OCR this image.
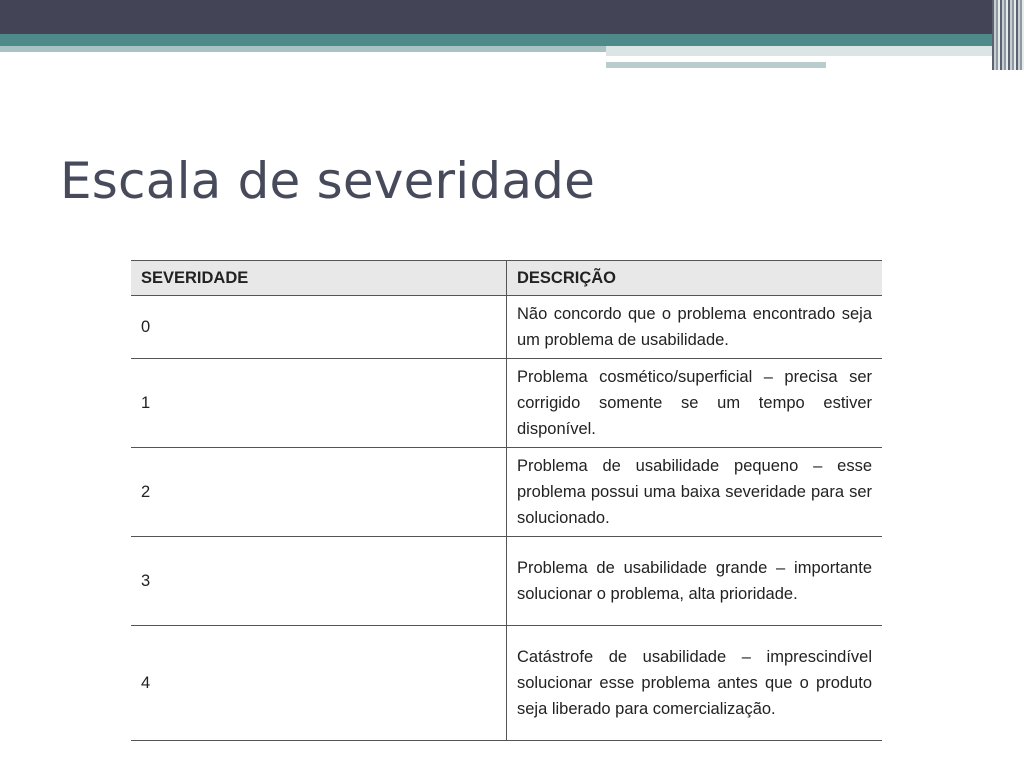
Escala de severidade
SEVERIDADE	DESCRIÇÃO
0	Não concordo que o problema encontrado seja um problema de usabilidade.
1	Problema cosmético/superficial – precisa ser corrigido somente se um tempo estiver disponível.
2	Problema de usabilidade pequeno – esse problema possui uma baixa severidade para ser solucionado.
3	Problema de usabilidade grande – importante solucionar o problema, alta prioridade.
4	Catástrofe de usabilidade – imprescindível solucionar esse problema antes que o produto seja liberado para comercialização.
